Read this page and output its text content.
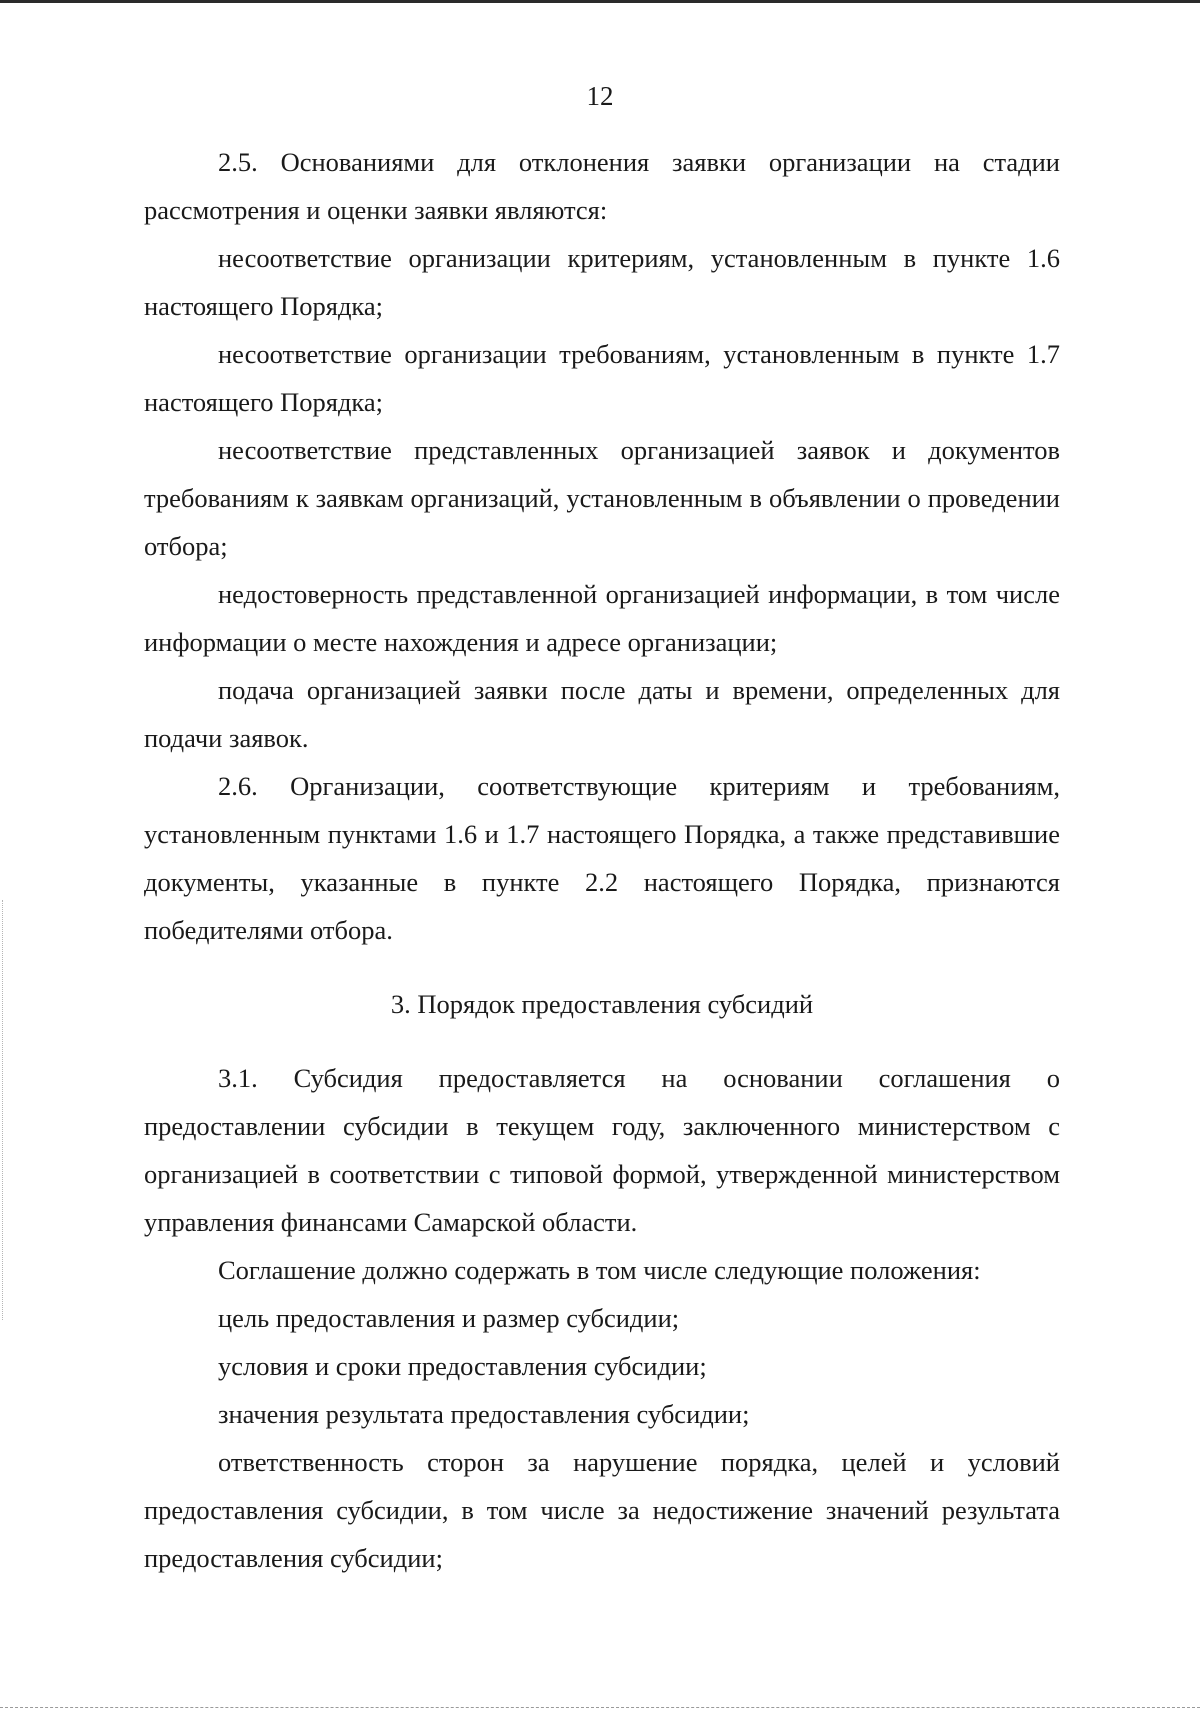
12

2.5. Основаниями для отклонения заявки организации на стадии рассмотрения и оценки заявки являются:

несоответствие организации критериям, установленным в пункте 1.6 настоящего Порядка;

несоответствие организации требованиям, установленным в пункте 1.7 настоящего Порядка;

несоответствие представленных организацией заявок и документов требованиям к заявкам организаций, установленным в объявлении о проведении отбора;

недостоверность представленной организацией информации, в том числе информации о месте нахождения и адресе организации;

подача организацией заявки после даты и времени, определенных для подачи заявок.

2.6. Организации, соответствующие критериям и требованиям, установленным пунктами 1.6 и 1.7 настоящего Порядка, а также представившие документы, указанные в пункте 2.2 настоящего Порядка, признаются победителями отбора.

3. Порядок предоставления субсидий

3.1. Субсидия предоставляется на основании соглашения о предоставлении субсидии в текущем году, заключенного министерством с организацией в соответствии с типовой формой, утвержденной министерством управления финансами Самарской области.

Соглашение должно содержать в том числе следующие положения:

цель предоставления и размер субсидии;

условия и сроки предоставления субсидии;

значения результата предоставления субсидии;

ответственность сторон за нарушение порядка, целей и условий предоставления субсидии, в том числе за недостижение значений результата предоставления субсидии;
